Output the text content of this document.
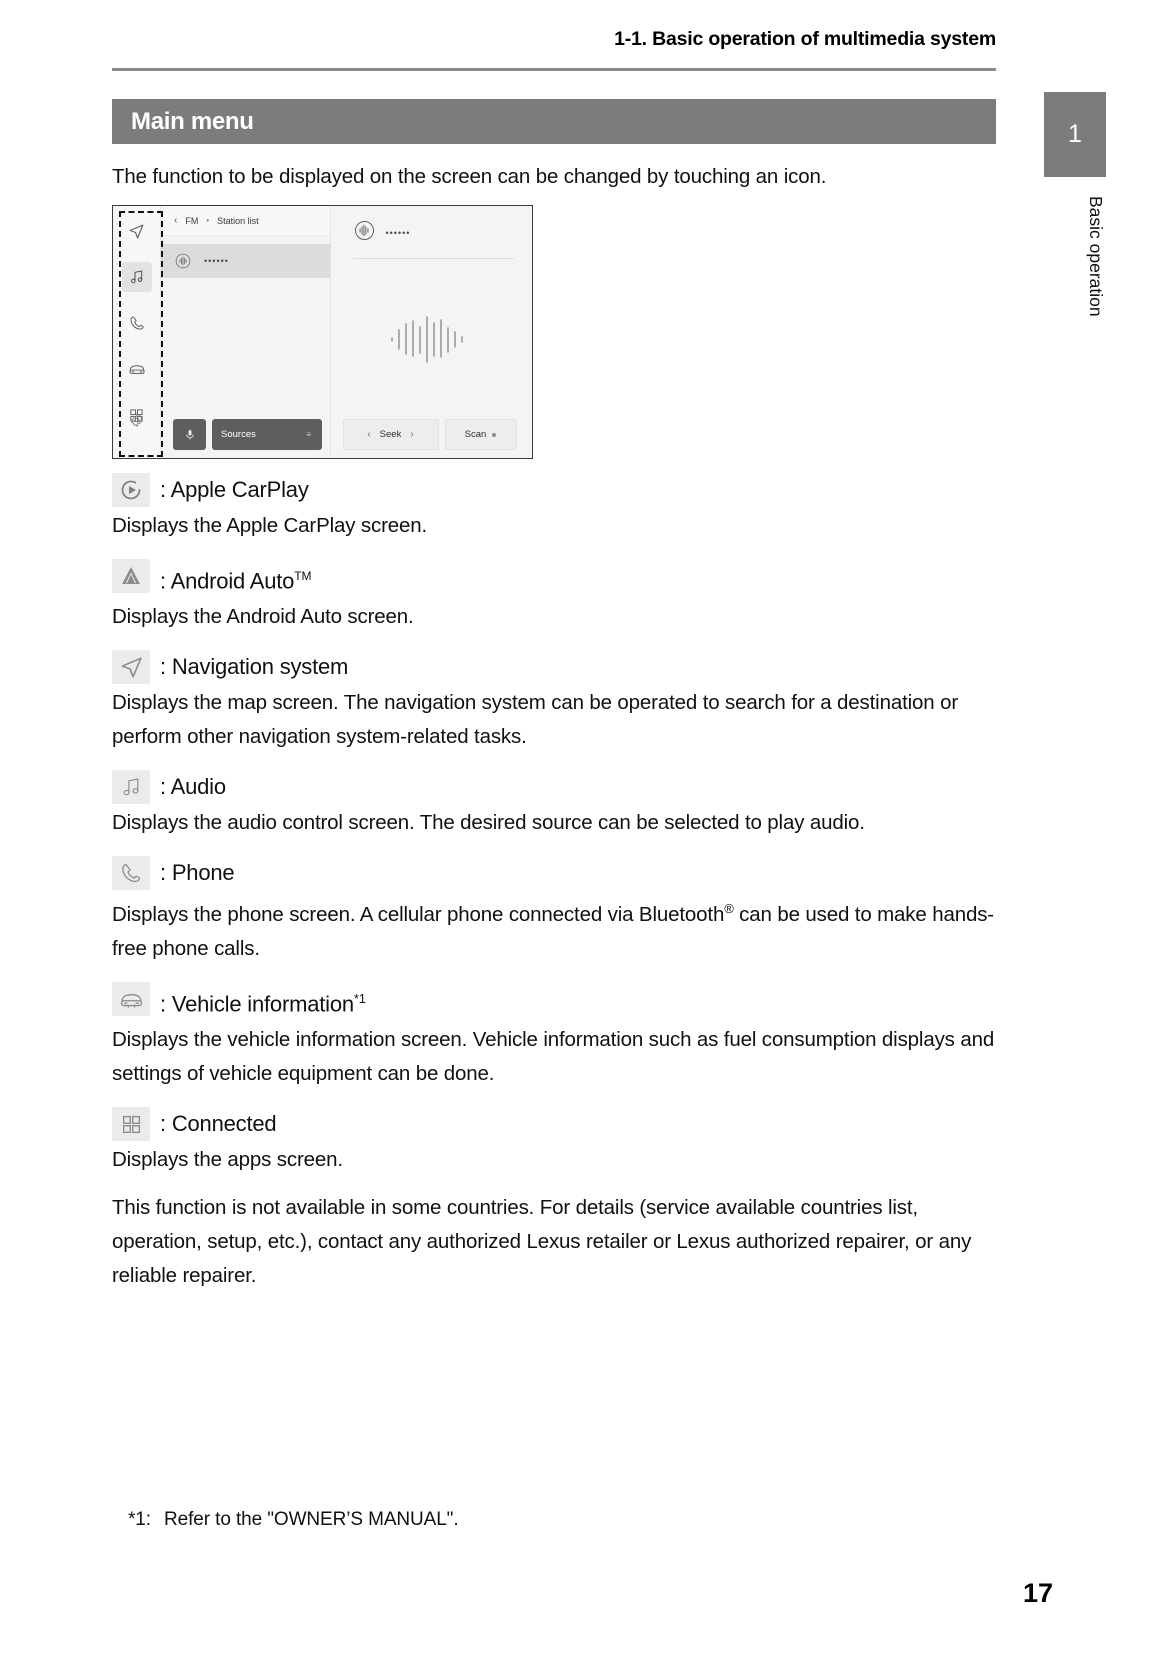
1-1. Basic operation of multimedia system
1
Basic operation
Main menu

The function to be displayed on the screen can be changed by touching an icon.

‹ FM • Station list
••••••
Sources	≡
••••••
‹ Seek ›	Scan
: Apple CarPlay

Displays the Apple CarPlay screen.

: Android Auto™

Displays the Android Auto screen.

: Navigation system

Displays the map screen. The navigation system can be operated to search for a destination or perform other navigation system-related tasks.

: Audio

Displays the audio control screen. The desired source can be selected to play audio.

: Phone

Displays the phone screen. A cellular phone connected via Bluetooth® can be used to make hands-free phone calls.

: Vehicle information$^{*1}$

Displays the vehicle information screen. Vehicle information such as fuel consumption displays and settings of vehicle equipment can be done.

: Connected

Displays the apps screen.

This function is not available in some countries. For details (service available countries list, operation, setup, etc.), contact any authorized Lexus retailer or Lexus authorized repairer, or any reliable repairer.

*1: Refer to the "OWNER’S MANUAL".
17
